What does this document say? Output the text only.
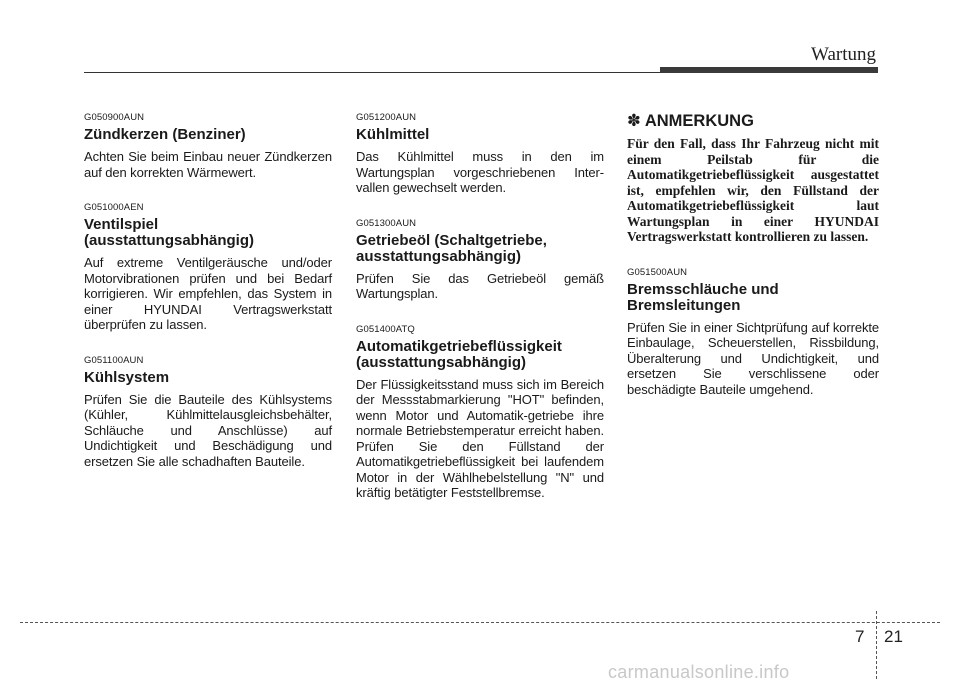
Wartung

G050900AUN

Zündkerzen (Benziner)

Achten Sie beim Einbau neuer Zündkerzen auf den korrekten Wärmewert.

G051000AEN

Ventilspiel (ausstattungsabhängig)

Auf extreme Ventilgeräusche und/oder Motorvibrationen prüfen und bei Bedarf korrigieren. Wir empfehlen, das System in einer HYUNDAI Vertragswerkstatt überprüfen zu lassen.

G051100AUN

Kühlsystem

Prüfen Sie die Bauteile des Kühlsystems (Kühler, Kühlmittelausgleichsbehälter, Schläuche und Anschlüsse) auf Undichtigkeit und Beschädigung und ersetzen Sie alle schadhaften Bauteile.

G051200AUN

Kühlmittel

Das Kühlmittel muss in den im Wartungsplan vorgeschriebenen Inter-vallen gewechselt werden.

G051300AUN

Getriebeöl (Schaltgetriebe, ausstattungsabhängig)

Prüfen Sie das Getriebeöl gemäß Wartungsplan.

G051400ATQ

Automatikgetriebeflüssigkeit (ausstattungsabhängig)

Der Flüssigkeitsstand muss sich im Bereich der Messstabmarkierung "HOT" befinden, wenn Motor und Automatik-getriebe ihre normale Betriebstemperatur erreicht haben. Prüfen Sie den Füllstand der Automatikgetriebeflüssigkeit bei laufendem Motor in der Wählhebelstellung "N" und kräftig betätigter Feststellbremse.

✽ ANMERKUNG

Für den Fall, dass Ihr Fahrzeug nicht mit einem Peilstab für die Automatikgetriebeflüssigkeit ausgestattet ist, empfehlen wir, den Füllstand der Automatikgetriebeflüssigkeit laut Wartungsplan in einer HYUNDAI Vertragswerkstatt kontrollieren zu lassen.

G051500AUN

Bremsschläuche und Bremsleitungen

Prüfen Sie in einer Sichtprüfung auf korrekte Einbaulage, Scheuerstellen, Rissbildung, Überalterung und Undichtigkeit, und ersetzen Sie verschlissene oder beschädigte Bauteile umgehend.

7 21
carmanualsonline.info
